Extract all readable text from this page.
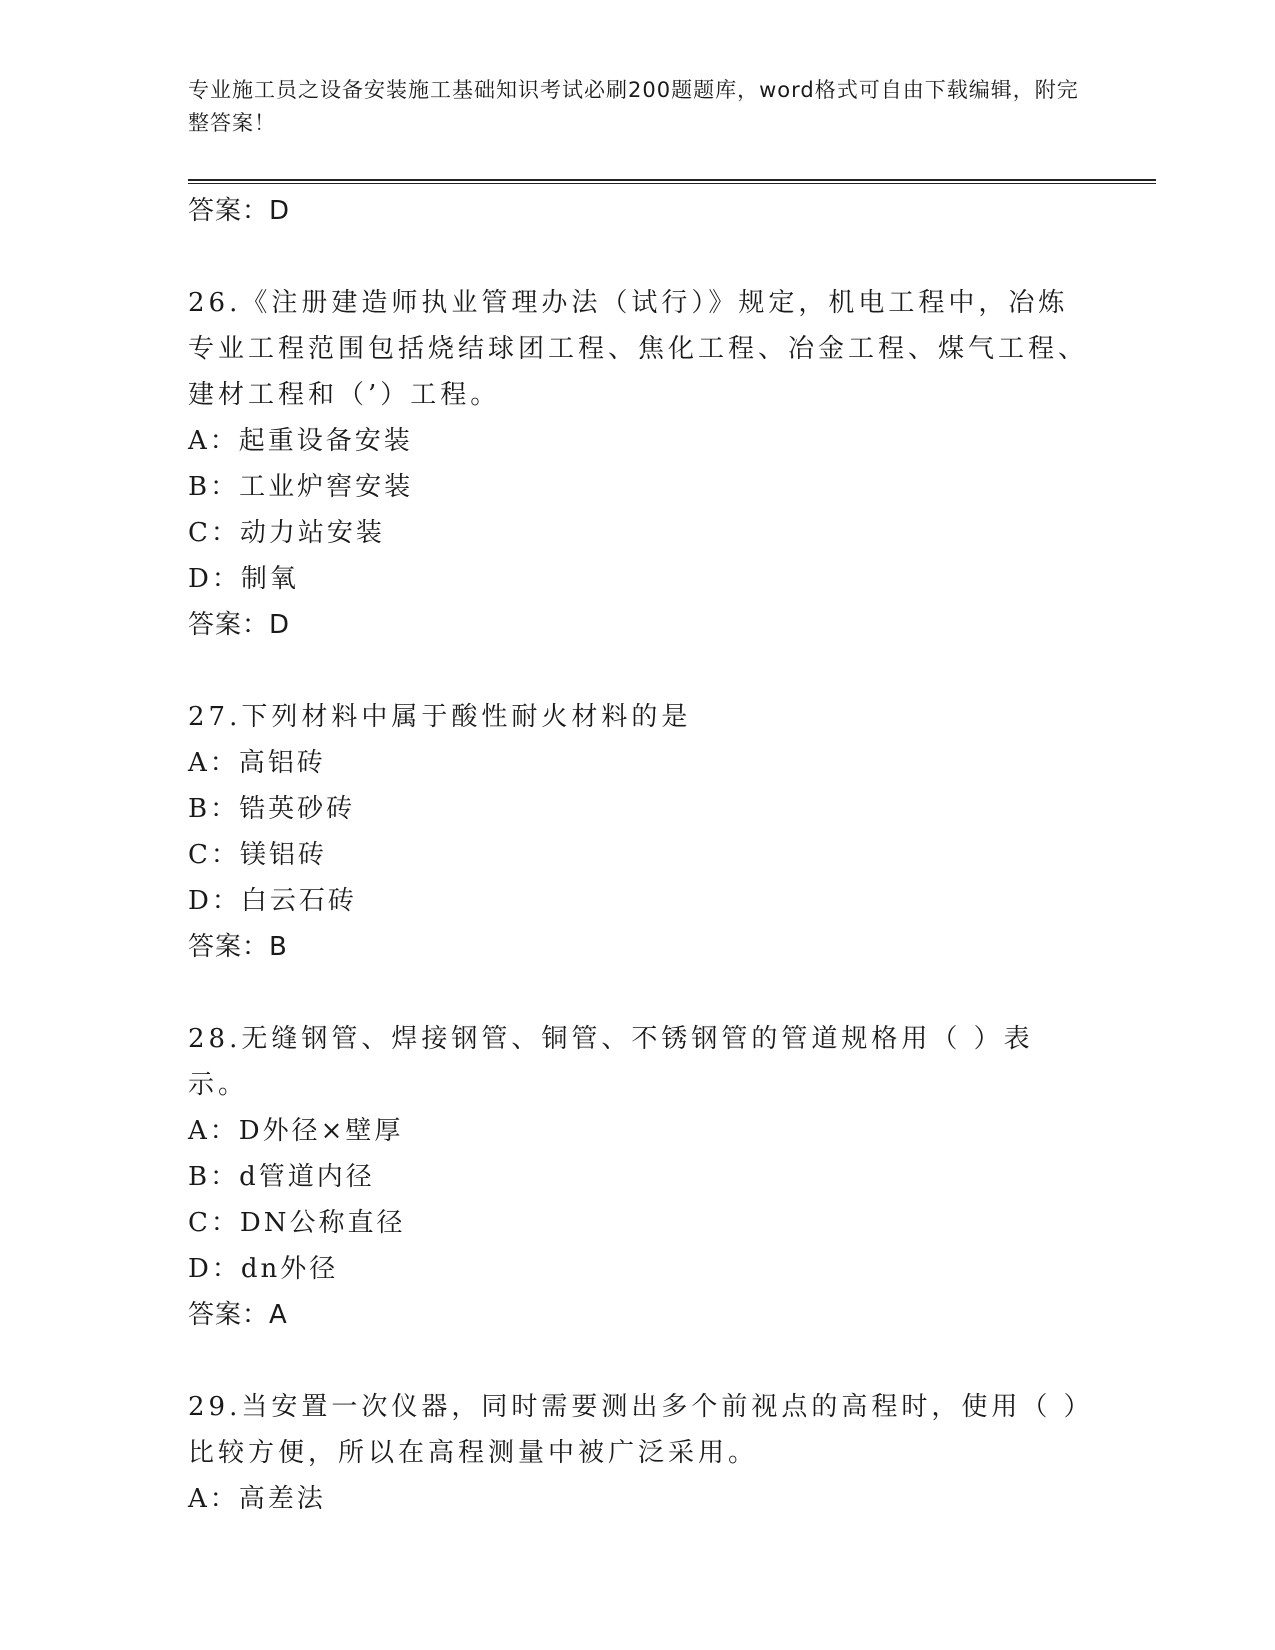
专业施工员之设备安装施工基础知识考试必刷200题题库，word格式可自由下载编辑，附完整答案！

答案：D

26.《注册建造师执业管理办法（试行）》规定，机电工程中，冶炼专业工程范围包括烧结球团工程、焦化工程、冶金工程、煤气工程、建材工程和（’）工程。

A：起重设备安装

B：工业炉窖安装

C：动力站安装

D：制氧

答案：D

27.下列材料中属于酸性耐火材料的是

A：高铝砖

B：锆英砂砖

C：镁铝砖

D：白云石砖

答案：B

28.无缝钢管、焊接钢管、铜管、不锈钢管的管道规格用（ ）表示。

A：D外径×壁厚

B：d管道内径

C：DN公称直径

D：dn外径

答案：A

29.当安置一次仪器，同时需要测出多个前视点的高程时，使用（ ）比较方便，所以在高程测量中被广泛采用。

A：高差法
